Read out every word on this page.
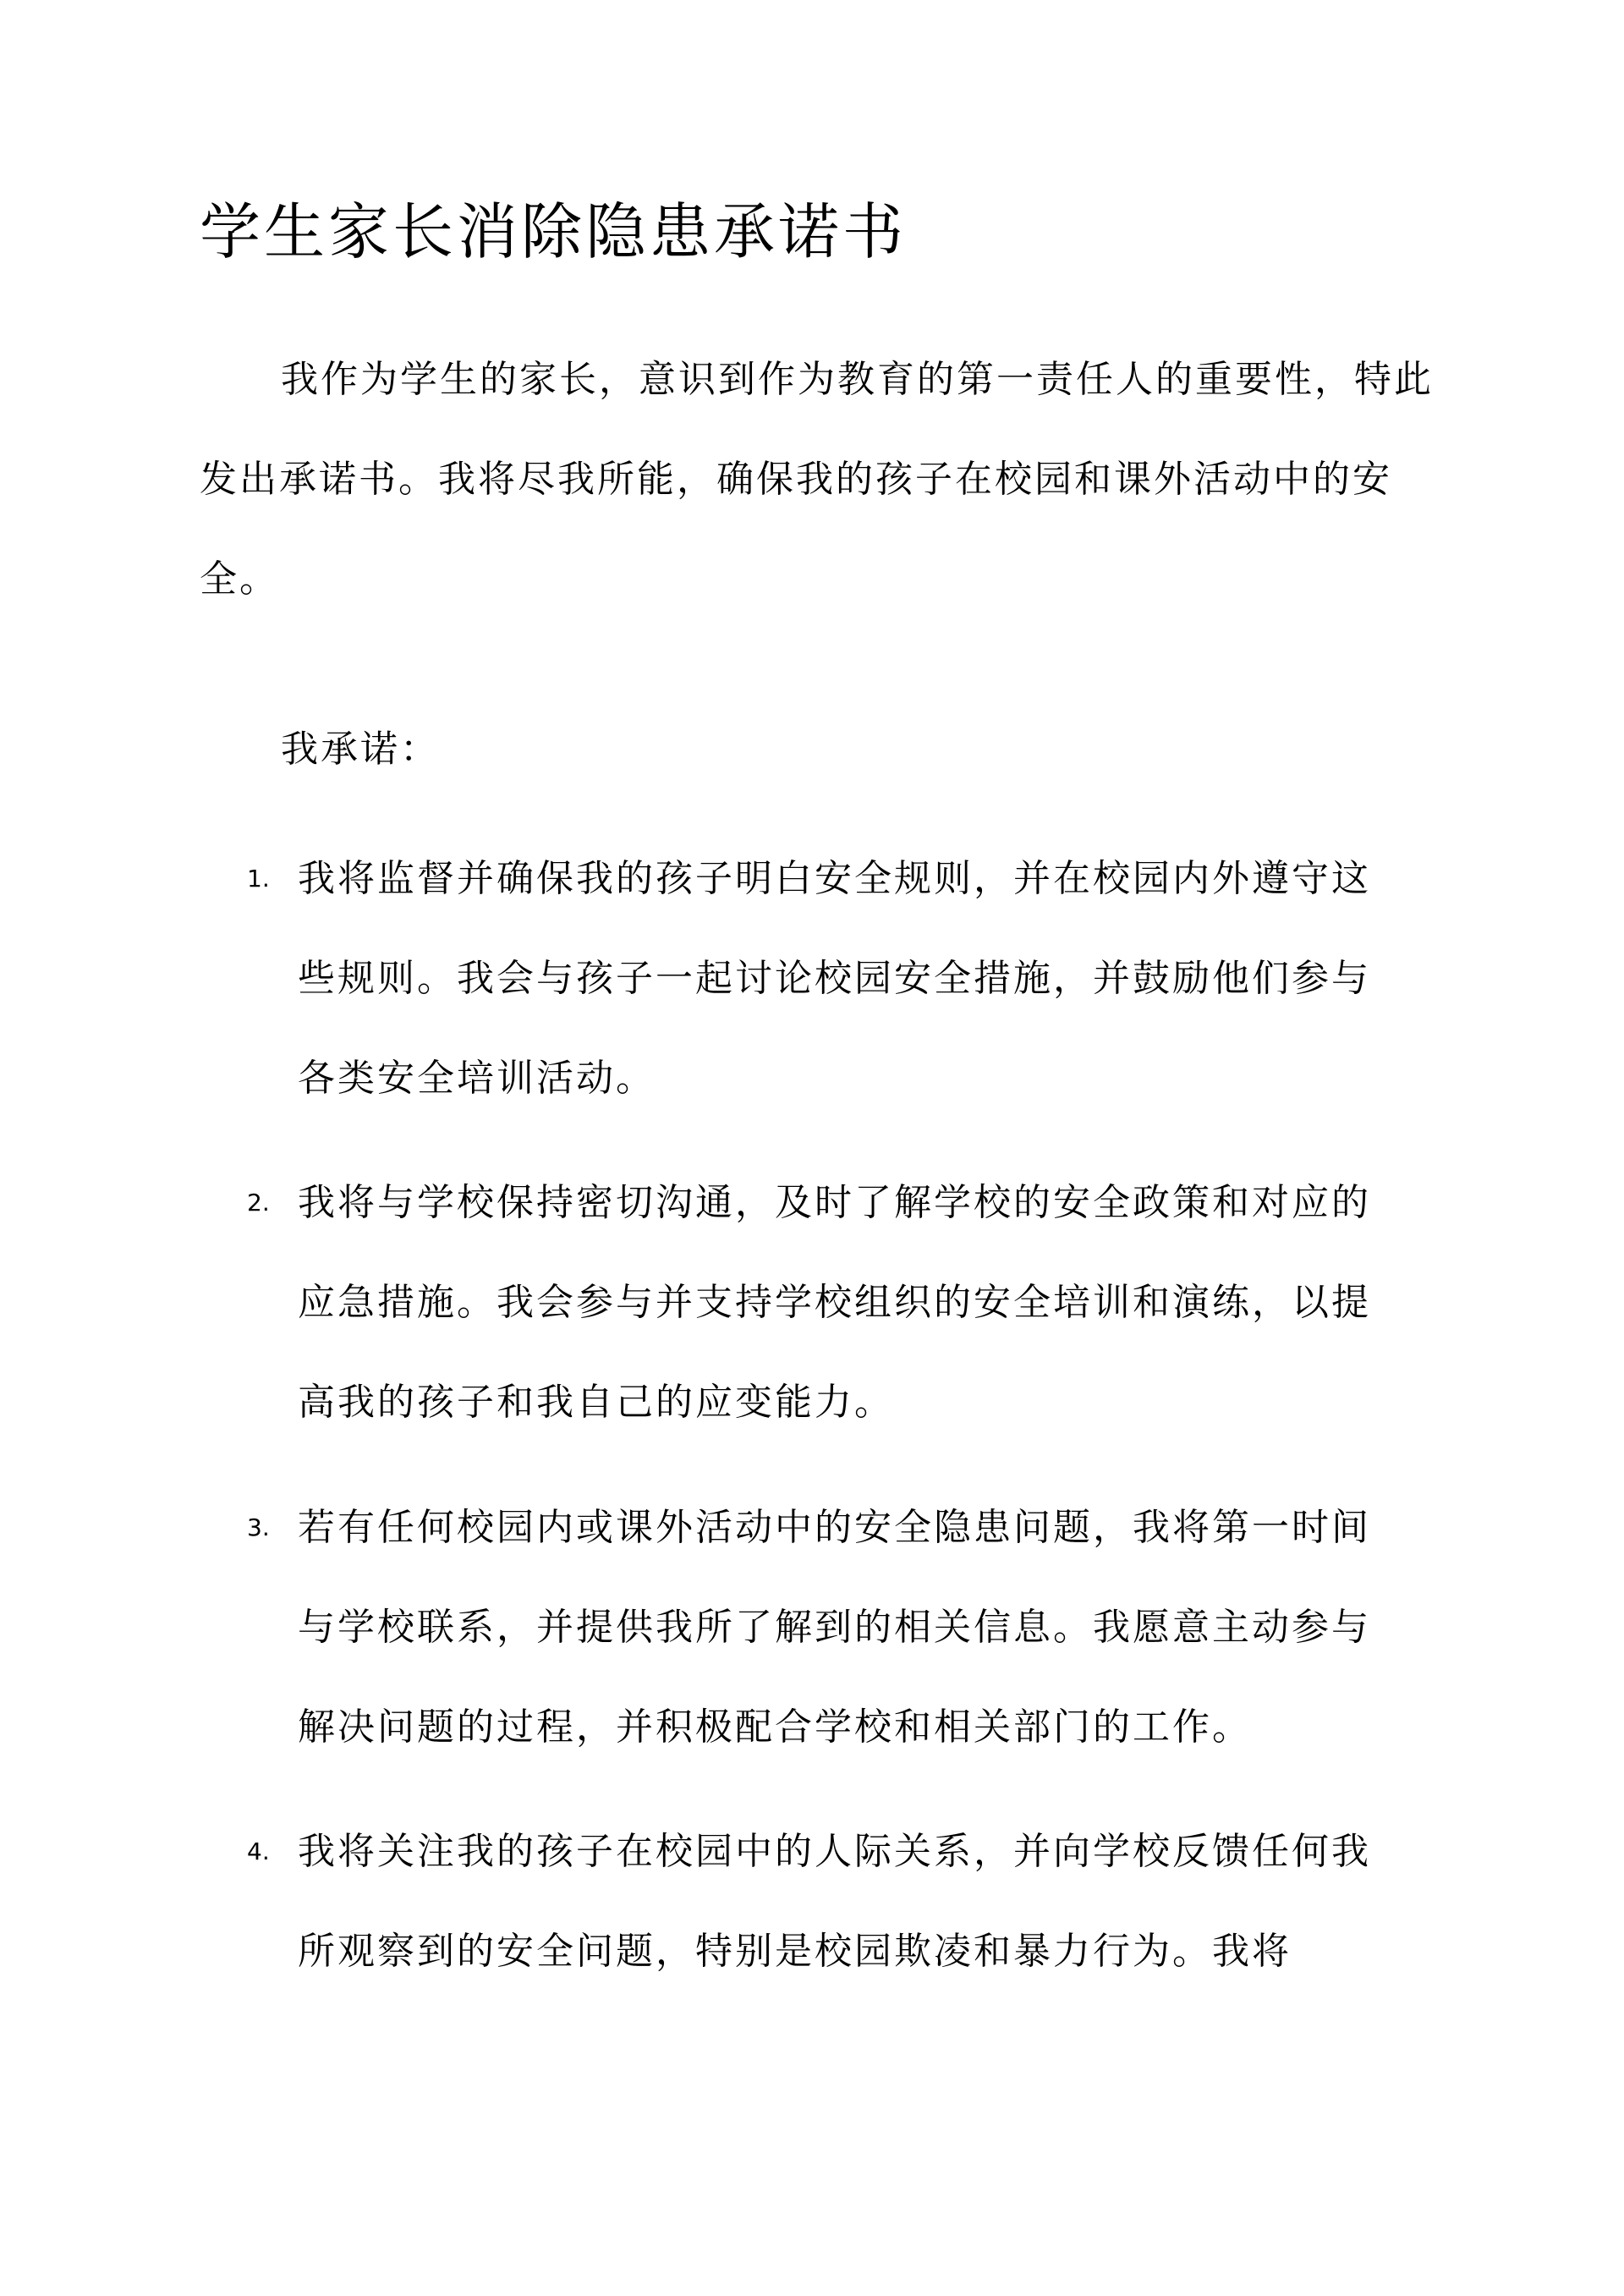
学生家长消除隐患承诺书

我作为学生的家长，意识到作为教育的第一责任人的重要性，特此发出承诺书。我将尽我所能，确保我的孩子在校园和课外活动中的安全。

我承诺：

1. 我将监督并确保我的孩子明白安全规则，并在校园内外遵守这些规则。我会与孩子一起讨论校园安全措施，并鼓励他们参与各类安全培训活动。

2. 我将与学校保持密切沟通，及时了解学校的安全政策和对应的应急措施。我会参与并支持学校组织的安全培训和演练，以提高我的孩子和我自己的应变能力。

3. 若有任何校园内或课外活动中的安全隐患问题，我将第一时间与学校联系，并提供我所了解到的相关信息。我愿意主动参与解决问题的过程，并积极配合学校和相关部门的工作。

4. 我将关注我的孩子在校园中的人际关系，并向学校反馈任何我所观察到的安全问题，特别是校园欺凌和暴力行为。我将
